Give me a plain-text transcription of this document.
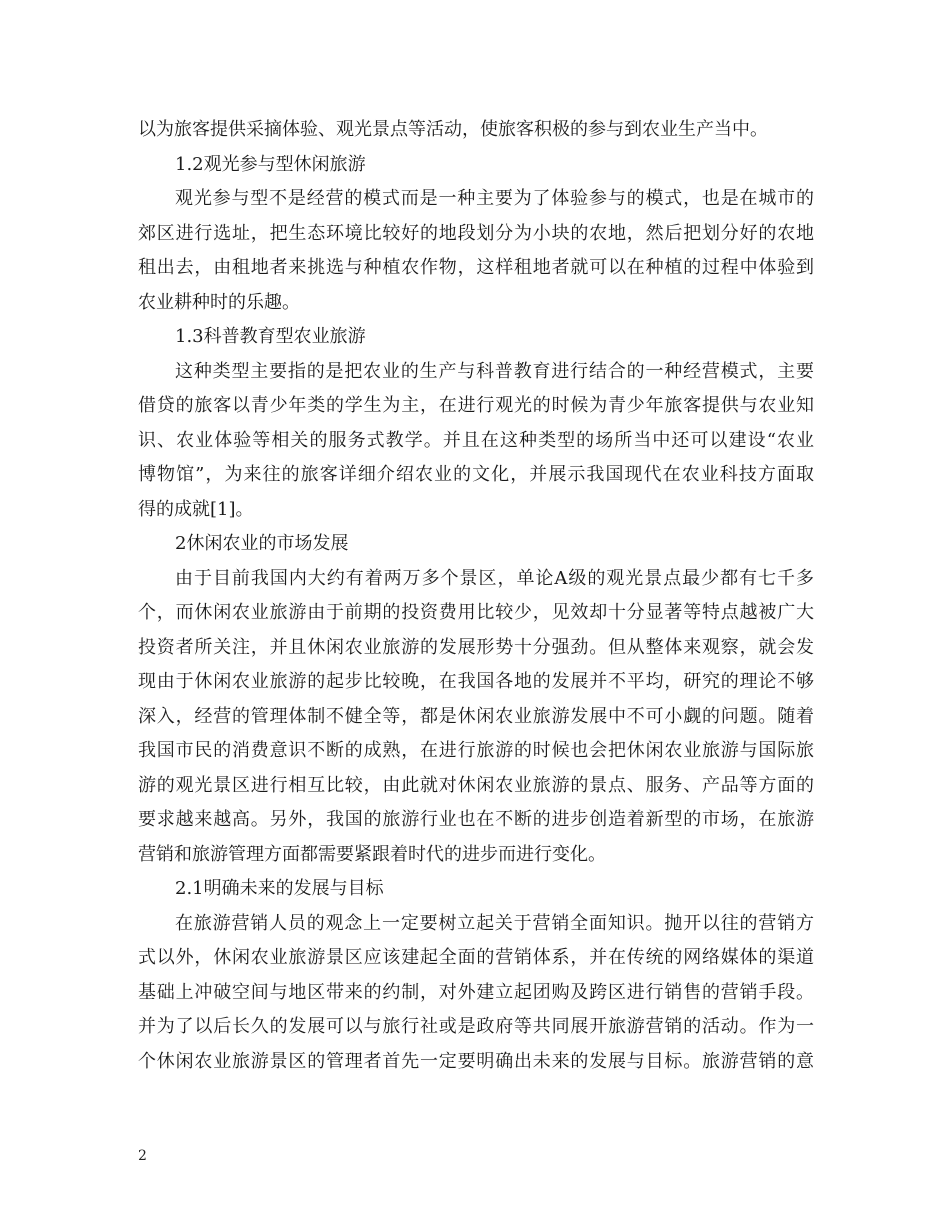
以为旅客提供采摘体验、观光景点等活动，使旅客积极的参与到农业生产当中。
1.2观光参与型休闲旅游
观光参与型不是经营的模式而是一种主要为了体验参与的模式，也是在城市的
郊区进行选址，把生态环境比较好的地段划分为小块的农地，然后把划分好的农地
租出去，由租地者来挑选与种植农作物，这样租地者就可以在种植的过程中体验到
农业耕种时的乐趣。
1.3科普教育型农业旅游
这种类型主要指的是把农业的生产与科普教育进行结合的一种经营模式，主要
借贷的旅客以青少年类的学生为主，在进行观光的时候为青少年旅客提供与农业知
识、农业体验等相关的服务式教学。并且在这种类型的场所当中还可以建设“农业
博物馆”，为来往的旅客详细介绍农业的文化，并展示我国现代在农业科技方面取
得的成就[1]。
2休闲农业的市场发展
由于目前我国内大约有着两万多个景区，单论A级的观光景点最少都有七千多
个，而休闲农业旅游由于前期的投资费用比较少，见效却十分显著等特点越被广大
投资者所关注，并且休闲农业旅游的发展形势十分强劲。但从整体来观察，就会发
现由于休闲农业旅游的起步比较晚，在我国各地的发展并不平均，研究的理论不够
深入，经营的管理体制不健全等，都是休闲农业旅游发展中不可小觑的问题。随着
我国市民的消费意识不断的成熟，在进行旅游的时候也会把休闲农业旅游与国际旅
游的观光景区进行相互比较，由此就对休闲农业旅游的景点、服务、产品等方面的
要求越来越高。另外，我国的旅游行业也在不断的进步创造着新型的市场，在旅游
营销和旅游管理方面都需要紧跟着时代的进步而进行变化。
2.1明确未来的发展与目标
在旅游营销人员的观念上一定要树立起关于营销全面知识。抛开以往的营销方
式以外，休闲农业旅游景区应该建起全面的营销体系，并在传统的网络媒体的渠道
基础上冲破空间与地区带来的约制，对外建立起团购及跨区进行销售的营销手段。
并为了以后长久的发展可以与旅行社或是政府等共同展开旅游营销的活动。作为一
个休闲农业旅游景区的管理者首先一定要明确出未来的发展与目标。旅游营销的意
2
